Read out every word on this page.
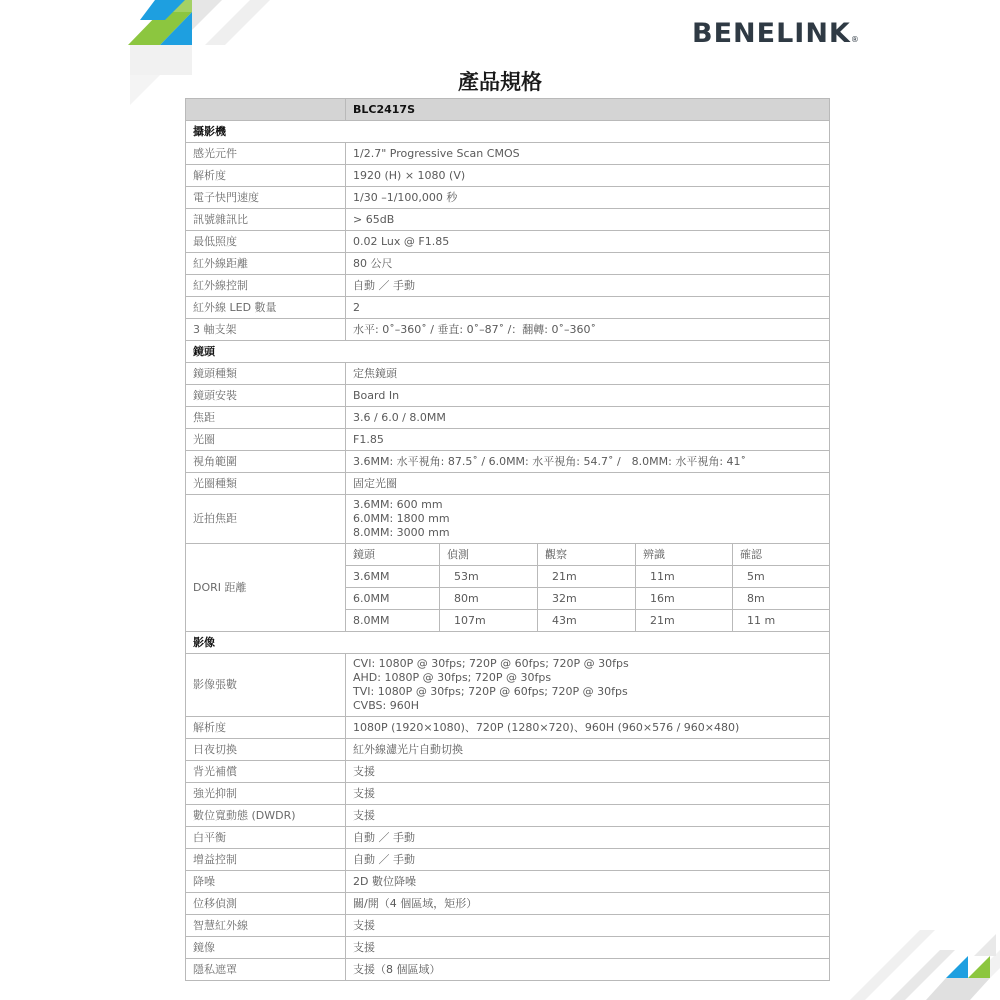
BENELINK®
產品規格
	BLC2417S				
攝影機					
感光元件	1/2.7" Progressive Scan CMOS				
解析度	1920 (H) × 1080 (V)				
電子快門速度	1/30 –1/100,000 秒				
訊號雜訊比	> 65dB				
最低照度	0.02 Lux @ F1.85				
紅外線距離	80 公尺				
紅外線控制	自動 ／ 手動				
紅外線 LED 數量	2				
3 軸支架	水平: 0˚–360˚ / 垂直: 0˚–87˚ /：翻轉: 0˚–360˚				
鏡頭					
鏡頭種類	定焦鏡頭				
鏡頭安裝	Board In				
焦距	3.6 / 6.0 / 8.0MM				
光圈	F1.85				
視角範圍	3.6MM: 水平視角: 87.5˚ / 6.0MM: 水平視角: 54.7˚ /　8.0MM: 水平視角: 41˚				
光圈種類	固定光圈				
近拍焦距	3.6MM: 600 mm
6.0MM: 1800 mm
8.0MM: 3000 mm				

DORI 距離	鏡頭	偵測	觀察	辨識	確認
	3.6MM	53m	21m	11m	5m
	6.0MM	80m	32m	16m	8m
	8.0MM	107m	43m	21m	11 m
影像					
影像張數	CVI: 1080P @ 30fps; 720P @ 60fps; 720P @ 30fps
AHD: 1080P @ 30fps; 720P @ 30fps
TVI: 1080P @ 30fps; 720P @ 60fps; 720P @ 30fps
CVBS: 960H				

解析度	1080P (1920×1080)、720P (1280×720)、960H (960×576 / 960×480)				
日夜切換	紅外線濾光片自動切換				
背光補償	支援				
強光抑制	支援				
數位寬動態 (DWDR)	支援				
白平衡	自動 ／ 手動				
增益控制	自動 ／ 手動				
降噪	2D 數位降噪				
位移偵測	關/開（4 個區域，矩形）				
智慧紅外線	支援				
鏡像	支援				
隱私遮罩	支援（8 個區域）				
